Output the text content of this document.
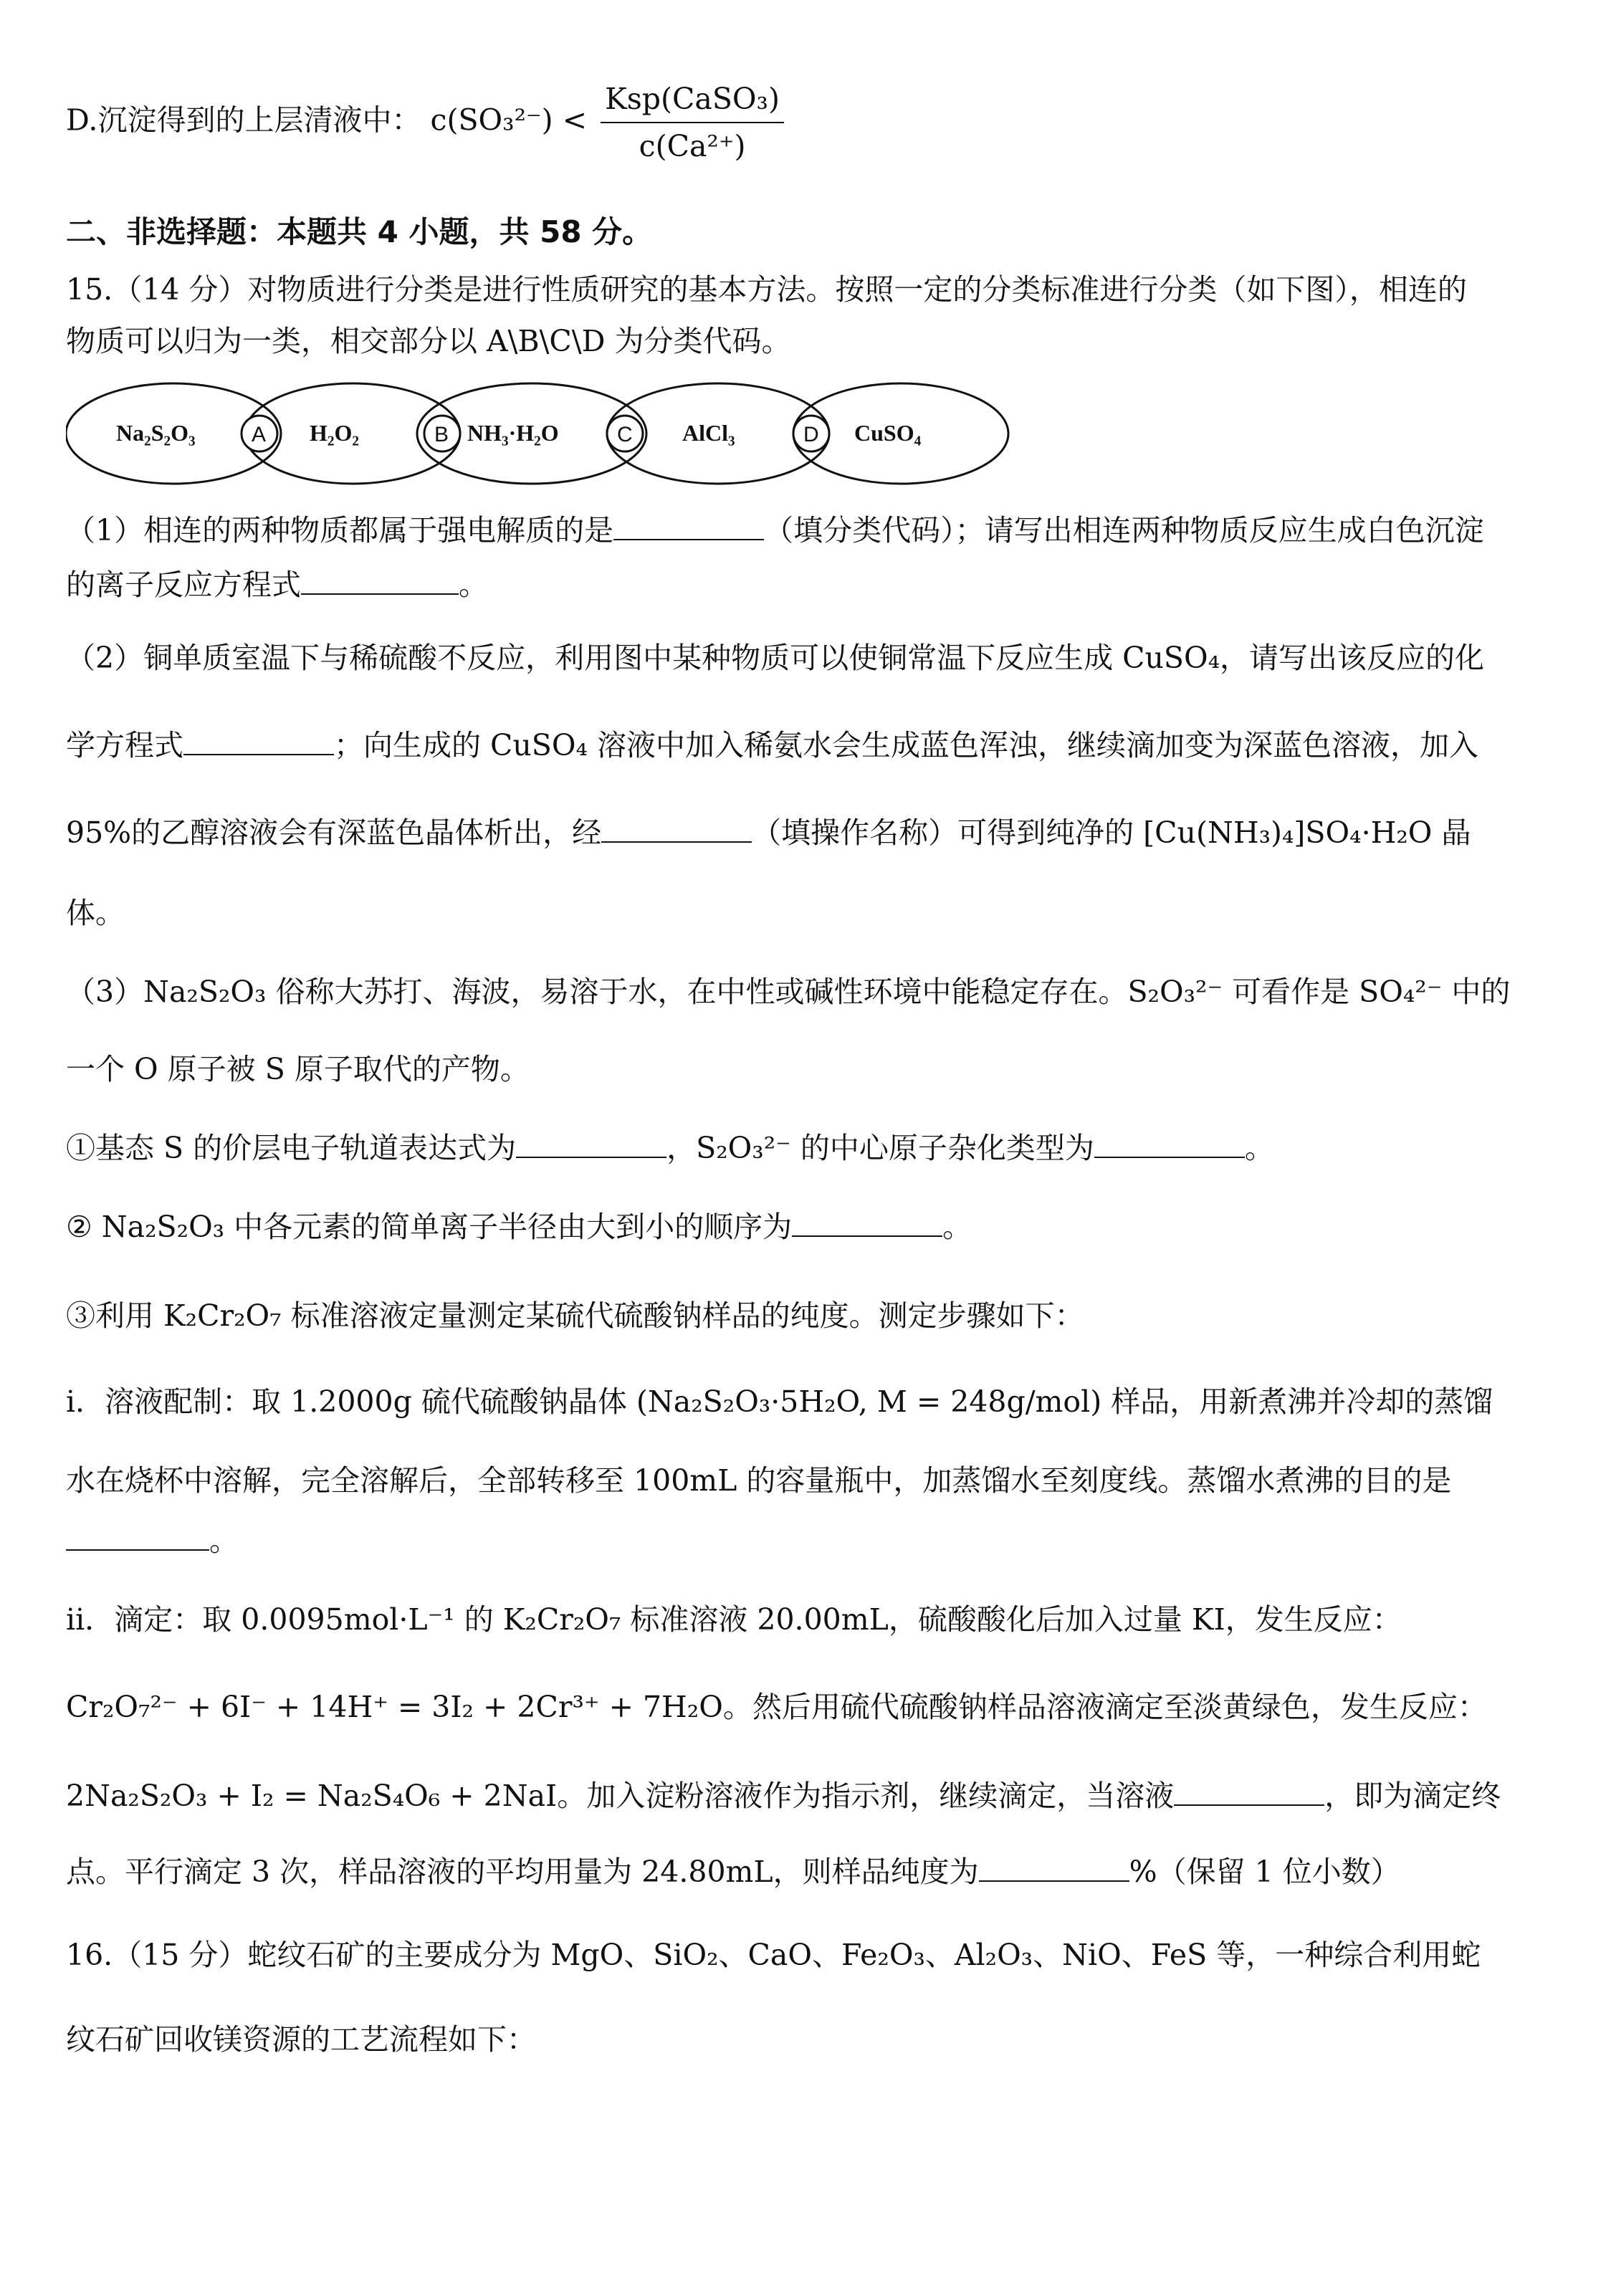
D.沉淀得到的上层清液中： $c(SO_3^{2-}) < \frac{\text{Ksp(CaSO₃)}}{\text{c(Ca²⁺)}}$
二、非选择题：本题共 4 小题，共 58 分。
15.（14 分）对物质进行分类是进行性质研究的基本方法。按照一定的分类标准进行分类（如下图），相连的
物质可以归为一类，相交部分以 A\B\C\D 为分类代码。
Na₂S₂O₃	H₂O₂	NH₃·H₂O	AlCl₃	CuSO₄
A	B	C	D
（1）相连的两种物质都属于强电解质的是	（填分类代码）；请写出相连两种物质反应生成白色沉淀
的离子反应方程式	。
（2）铜单质室温下与稀硫酸不反应，利用图中某种物质可以使铜常温下反应生成 CuSO₄，请写出该反应的化
学方程式	；向生成的 CuSO₄ 溶液中加入稀氨水会生成蓝色浑浊，继续滴加变为深蓝色溶液，加入
95%的乙醇溶液会有深蓝色晶体析出，经	（填操作名称）可得到纯净的 [Cu(NH₃)₄]SO₄·H₂O 晶
体。
（3）Na₂S₂O₃ 俗称大苏打、海波，易溶于水，在中性或碱性环境中能稳定存在。S₂O₃²⁻ 可看作是 SO₄²⁻ 中的
一个 O 原子被 S 原子取代的产物。
①基态 S 的价层电子轨道表达式为	，S₂O₃²⁻ 的中心原子杂化类型为	。
② Na₂S₂O₃ 中各元素的简单离子半径由大到小的顺序为	。
③利用 K₂Cr₂O₇ 标准溶液定量测定某硫代硫酸钠样品的纯度。测定步骤如下：
i．溶液配制：取 1.2000g 硫代硫酸钠晶体 (Na₂S₂O₃·5H₂O, M = 248g/mol) 样品，用新煮沸并冷却的蒸馏
水在烧杯中溶解，完全溶解后，全部转移至 100mL 的容量瓶中，加蒸馏水至刻度线。蒸馏水煮沸的目的是
。
ii．滴定：取 0.0095mol·L⁻¹ 的 K₂Cr₂O₇ 标准溶液 20.00mL，硫酸酸化后加入过量 KI，发生反应：
Cr₂O₇²⁻ + 6I⁻ + 14H⁺ = 3I₂ + 2Cr³⁺ + 7H₂O。然后用硫代硫酸钠样品溶液滴定至淡黄绿色，发生反应：
2Na₂S₂O₃ + I₂ = Na₂S₄O₆ + 2NaI。加入淀粉溶液作为指示剂，继续滴定，当溶液	，即为滴定终
点。平行滴定 3 次，样品溶液的平均用量为 24.80mL，则样品纯度为	%（保留 1 位小数）
16.（15 分）蛇纹石矿的主要成分为 MgO、SiO₂、CaO、Fe₂O₃、Al₂O₃、NiO、FeS 等，一种综合利用蛇
纹石矿回收镁资源的工艺流程如下：
